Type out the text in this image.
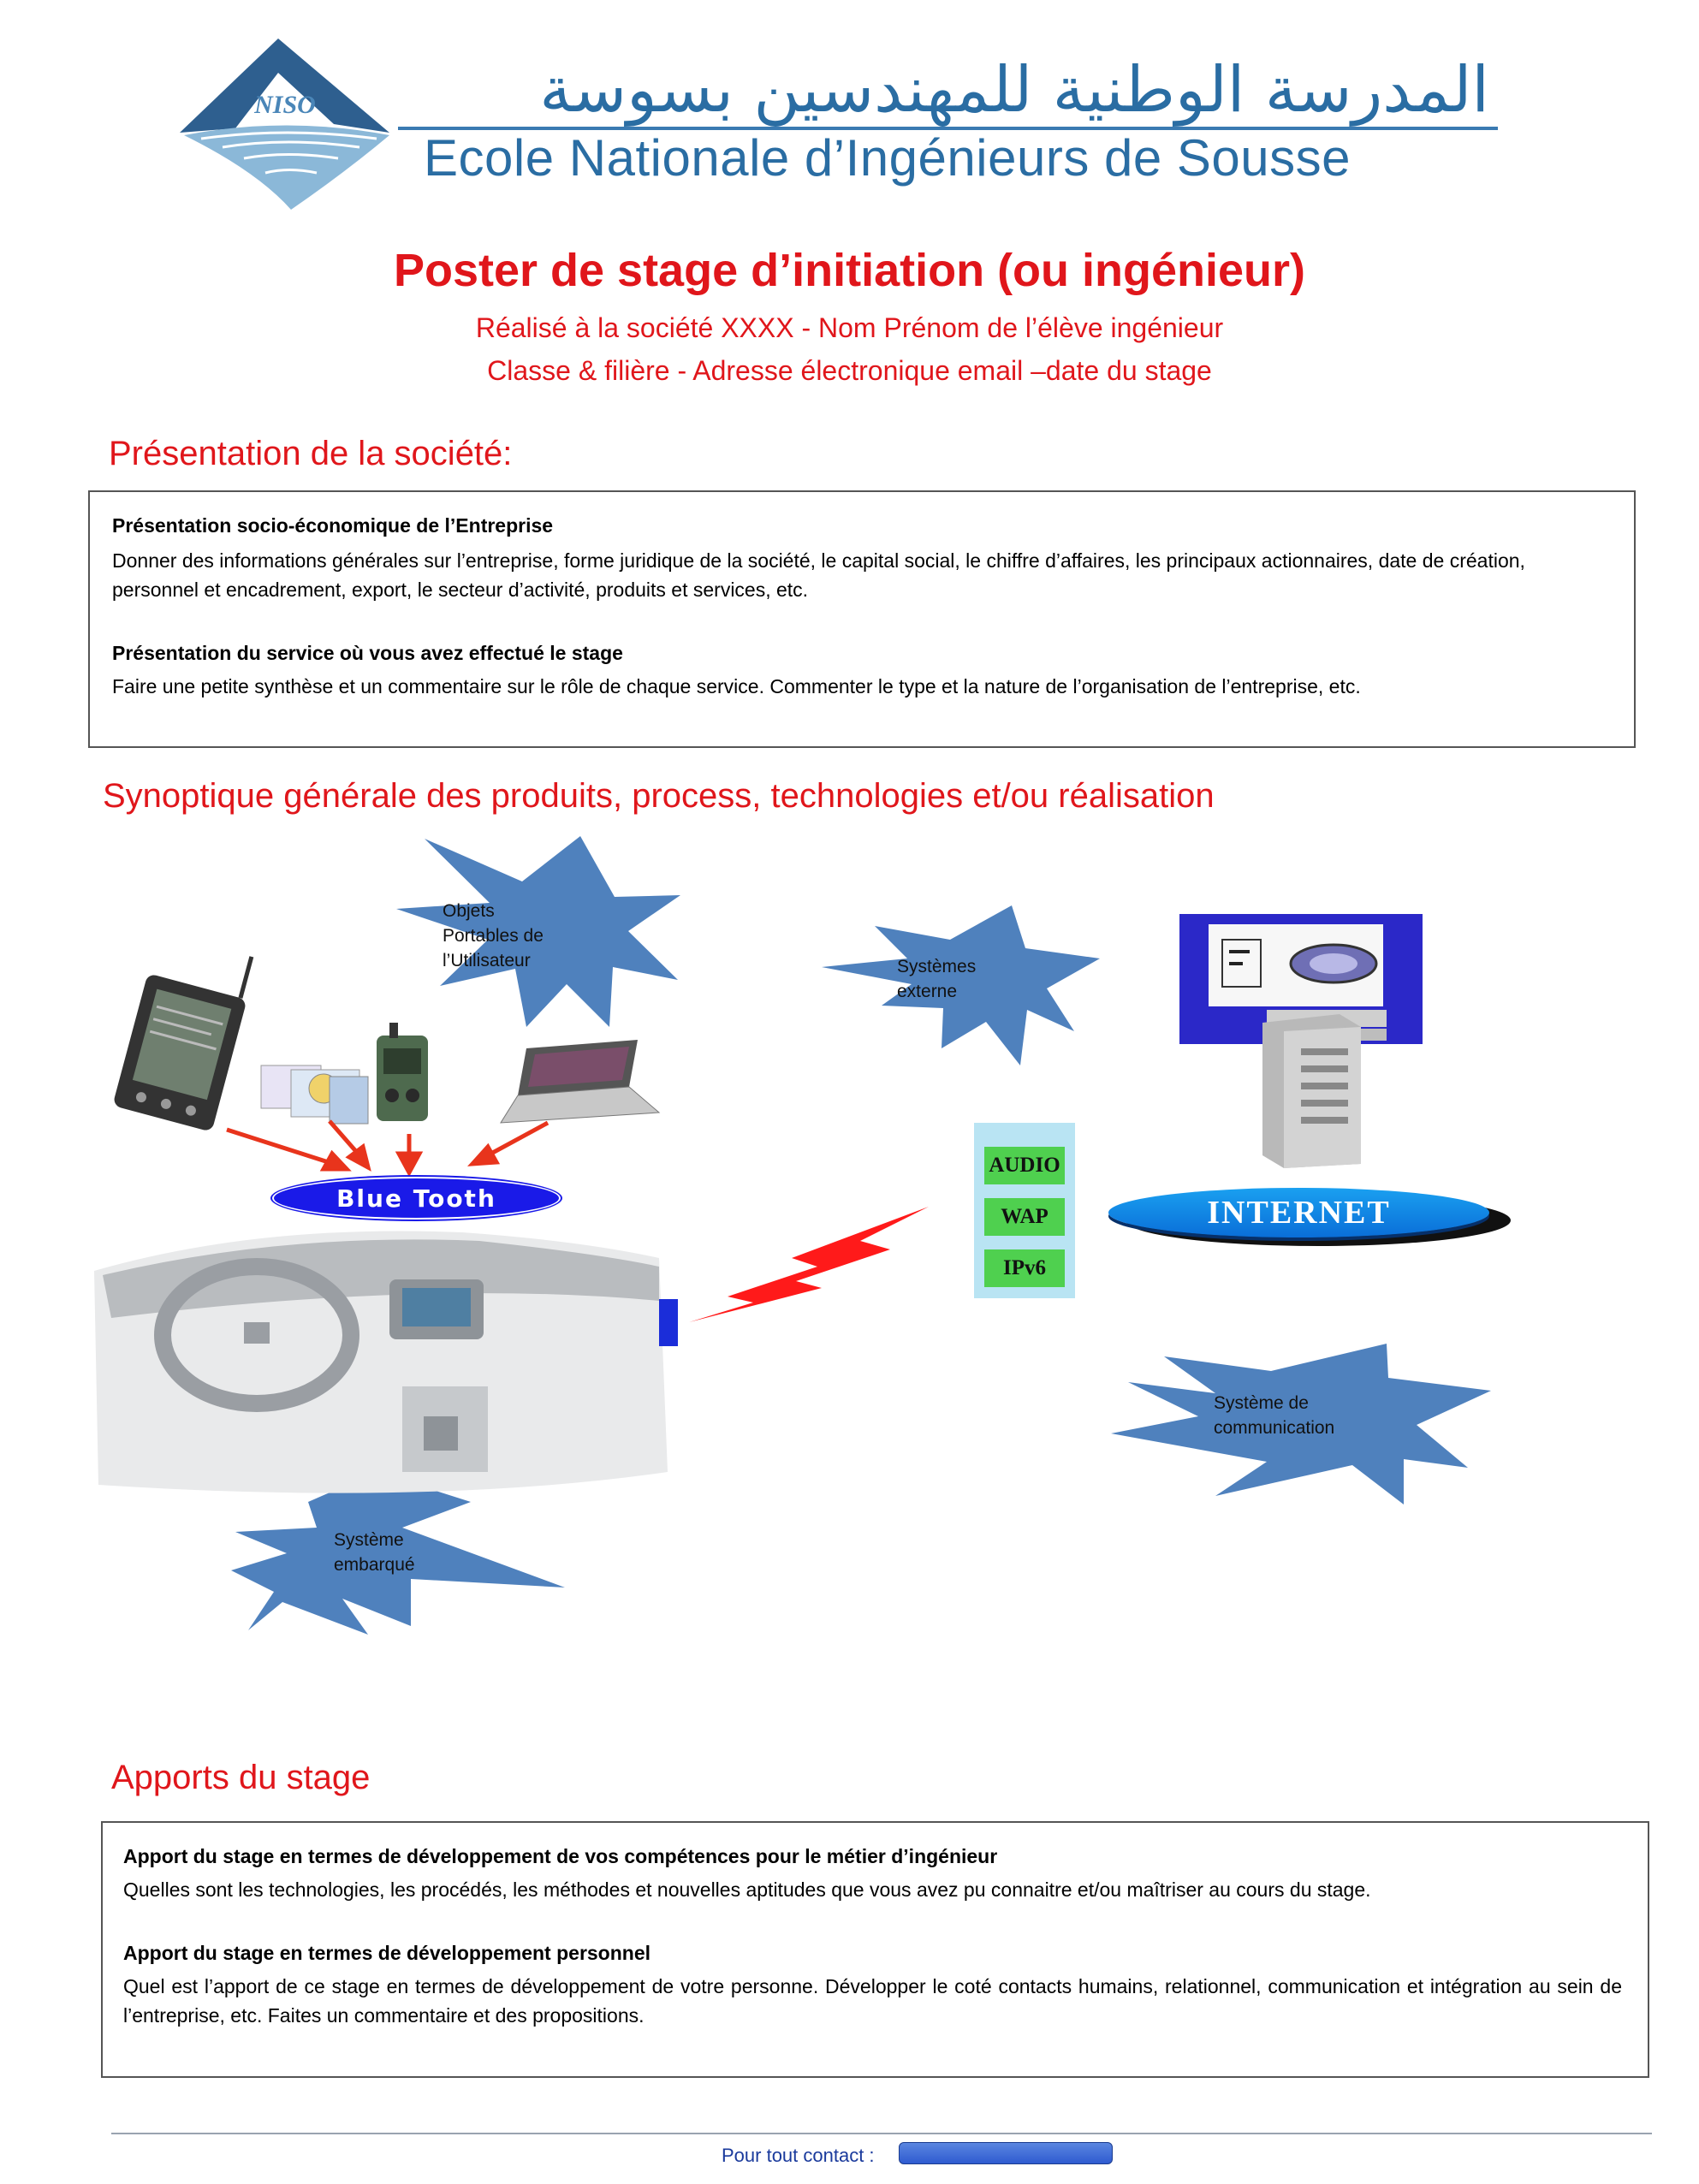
NISO	المدرسة الوطنية للمهندسين بسوسة
Ecole Nationale d’Ingénieurs de Sousse
Poster de stage d’initiation (ou ingénieur)
Réalisé à la société XXXX - Nom Prénom de l’élève ingénieur
Classe & filière - Adresse électronique email –date du stage
Présentation de la société:
Présentation socio-économique de l’Entreprise
Donner des informations générales sur l’entreprise, forme juridique de la société, le capital social, le chiffre d’affaires, les principaux actionnaires, date de création, personnel et encadrement, export, le secteur d’activité, produits et services, etc.
Présentation du service où vous avez effectué le stage
Faire une petite synthèse et un commentaire sur le rôle de chaque service. Commenter le type et la nature de l’organisation de l’entreprise, etc.
Synoptique générale des produits, process, technologies et/ou réalisation
Blue Tooth	INTERNET
AUDIO
WAP
IPv6
Objets Portables de l’Utilisateur	Systèmes externe
Système de communication
Système embarqué
Apports du stage
Apport du stage en termes de développement de vos compétences pour le métier d’ingénieur
Quelles sont les technologies, les procédés, les méthodes et nouvelles aptitudes que vous avez pu connaitre et/ou maîtriser au cours du stage.
Apport du stage en termes de développement personnel
Quel est l’apport de ce stage en termes de développement de votre personne. Développer le coté contacts humains, relationnel, communication et intégration au sein de l’entreprise, etc. Faites un commentaire et des propositions.
Pour tout contact :
